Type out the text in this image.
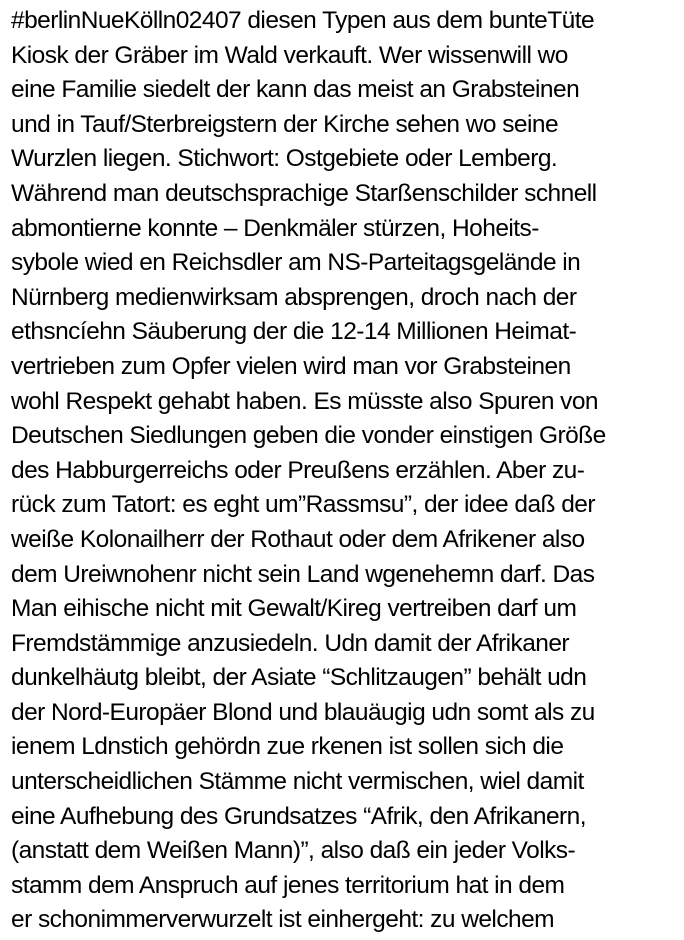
#berlinNueKölln02407 diesen Typen aus dem bunteTüte
Kiosk der Gräber im Wald verkauft. Wer wissenwill wo
eine Familie siedelt der kann das meist an Grabsteinen
und in Tauf/Sterbreigstern der Kirche sehen wo seine
Wurzlen liegen. Stichwort: Ostgebiete oder Lemberg.
Während man deutschsprachige Starßenschilder schnell
abmontierne konnte – Denkmäler stürzen, Hoheits-
sybole wied en Reichsdler am NS-Parteitagsgelände in
Nürnberg medienwirksam absprengen, droch nach der
ethsncíehn Säuberung der die 12-14 Millionen Heimat-
vertrieben zum Opfer vielen wird man vor Grabsteinen
wohl Respekt gehabt haben. Es müsste also Spuren von
Deutschen Siedlungen geben die vonder einstigen Größe
des Habburgerreichs oder Preußens erzählen. Aber zu-
rück zum Tatort: es eght um”Rassmsu”, der idee daß der
weiße Kolonailherr der Rothaut oder dem Afrikener also
dem Ureiwnohenr nicht sein Land wgenehemn darf. Das
Man eihische nicht mit Gewalt/Kireg vertreiben darf um
Fremdstämmige anzusiedeln. Udn damit der Afrikaner
dunkelhäutg bleibt, der Asiate “Schlitzaugen” behält udn
der Nord-Europäer Blond und blauäugig udn somt als zu
ienem Ldnstich gehördn zue rkenen ist sollen sich die
unterscheidlichen Stämme nicht vermischen, wiel damit
eine Aufhebung des Grundsatzes “Afrik, den Afrikanern,
(anstatt dem Weißen Mann)”, also daß ein jeder Volks-
stamm dem Anspruch auf jenes territorium hat in dem
er schonimmerverwurzelt ist einhergeht: zu welchem
